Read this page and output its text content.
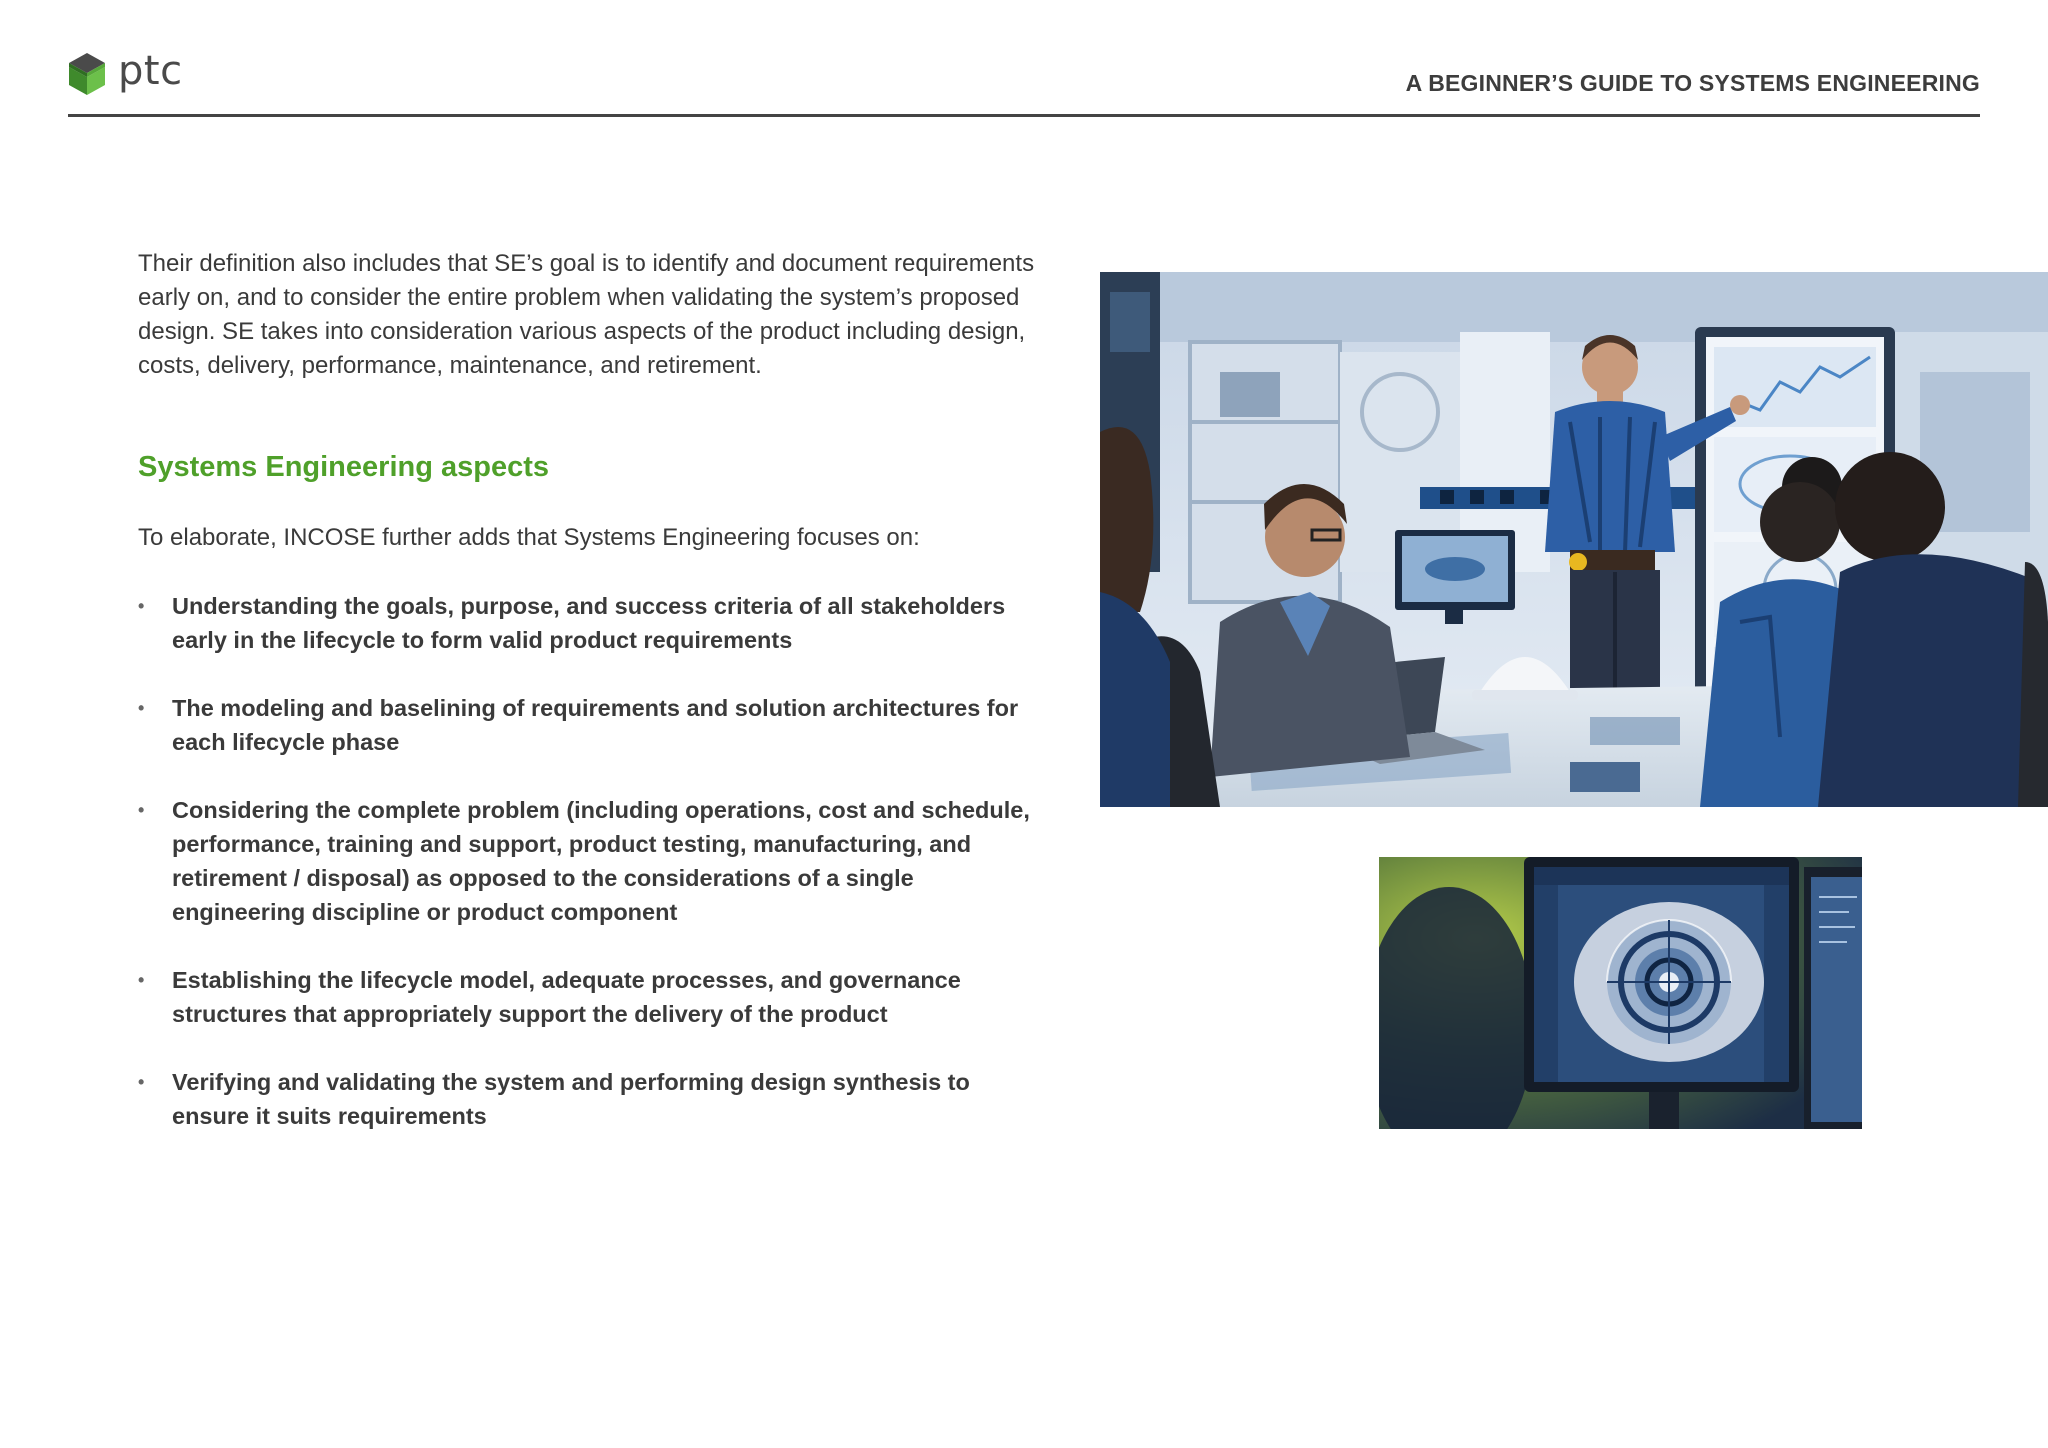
ptc	A BEGINNER’S GUIDE TO SYSTEMS ENGINEERING

Their definition also includes that SE’s goal is to identify and document requirements early on, and to consider the entire problem when validating the system’s proposed design. SE takes into consideration various aspects of the product including design, costs, delivery, performance, maintenance, and retirement.

Systems Engineering aspects

To elaborate, INCOSE further adds that Systems Engineering focuses on:

• Understanding the goals, purpose, and success criteria of all stakeholders early in the lifecycle to form valid product requirements
• The modeling and baselining of requirements and solution architectures for each lifecycle phase
• Considering the complete problem (including operations, cost and schedule, performance, training and support, product testing, manufacturing, and retirement / disposal) as opposed to the considerations of a single engineering discipline or product component
• Establishing the lifecycle model, adequate processes, and governance structures that appropriately support the delivery of the product
• Verifying and validating the system and performing design synthesis to ensure it suits requirements
